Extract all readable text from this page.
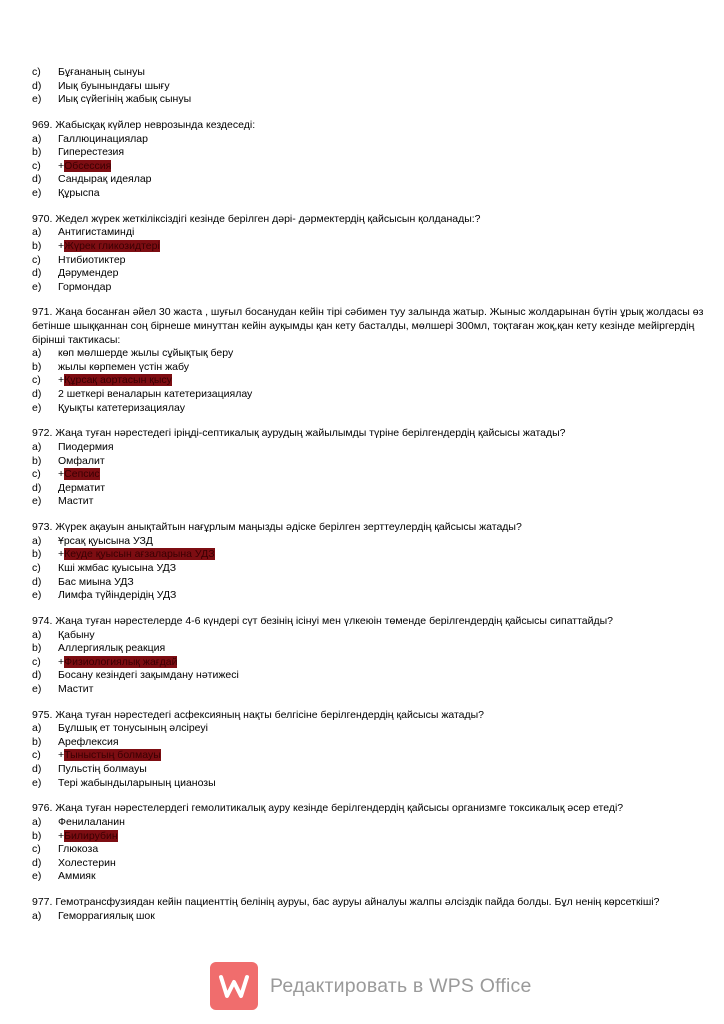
c)	Бұғананың сынуы
d)	Иық буынындағы шығу
e)	Иық сүйегінің жабық сынуы

969. Жабысқақ күйлер неврозында кездеседі:

a)	Галлюцинациялар
b)	Гиперестезия
c)	+Обсессия
d)	Сандырақ идеялар
e)	Құрыспа

970. Жедел жүрек жеткіліксіздігі кезінде берілген дәрі- дәрмектердің қайсысын қолданады:?

a)	Антигистаминді
b)	+Жүрек гликозидтері
c)	Нтибиотиктер
d)	Дәрумендер
e)	Гормондар

971. Жаңа босанған әйел 30 жаста , шуғыл босанудан кейін тірі сәбимен туу залында жатыр. Жыныс жолдарынан бүтін ұрық жолдасы өз бетінше шыққаннан соң бірнеше минуттан кейін ауқымды қан кету басталды, мөлшері 300мл, тоқтаған жоқ,қан кету кезінде мейіргердің бірінші тактикасы:

a)	көп мөлшерде жылы сұйықтық беру
b)	жылы көрпемен үстін жабу
c)	+Құрсақ аортасын қысу
d)	2 шеткері веналарын катетеризациялау
e)	Қуықты катетеризациялау

972. Жаңа туған нәрестедегі іріңді-септикалық аурудың жайылымды түріне берілгендердің қайсысы жатады?

a)	Пиодермия
b)	Омфалит
c)	+Сепсис
d)	Дерматит
e)	Мастит

973. Жүрек ақауын анықтайтын нағұрлым маңызды әдіске берілген зерттеулердің қайсысы жатады?

a)	Ұрсақ қуысына УЗД
b)	+Кеуде қуысын ағзаларына УДЗ
c)	Кші жмбас қуысына УДЗ
d)	Бас миына УДЗ
e)	Лимфа түйіндерідің УДЗ

974. Жаңа туған нәрестелерде 4-6 күндері сүт безінің ісінуі мен үлкеюін төменде берілгендердің қайсысы сипаттайды?

a)	Қабыну
b)	Аллергиялық реакция
c)	+Физиологиялық жағдай
d)	Босану кезіндегі зақымдану нәтижесі
e)	Мастит

975. Жаңа туған нәрестедегі асфексияның нақты белгісіне берілгендердің қайсысы жатады?

a)	Бұлшық ет тонусының әлсіреуі
b)	Арефлексия
c)	+Тыныстың болмауы
d)	Пульстің болмауы
e)	Тері жабындыларының цианозы

976. Жаңа туған нәрестелердегі гемолитикалық ауру кезінде берілгендердің қайсысы организмге токсикалық әсер етеді?

a)	Фенилаланин
b)	+Билирубин
c)	Глюкоза
d)	Холестерин
e)	Аммияк

977. Гемотрансфузиядан кейін пациенттің белінің ауруы, бас ауруы айналуы жалпы әлсіздік пайда болды. Бұл ненің көрсеткіші?

a)	Геморрагиялық шок
Редактировать в WPS Office
